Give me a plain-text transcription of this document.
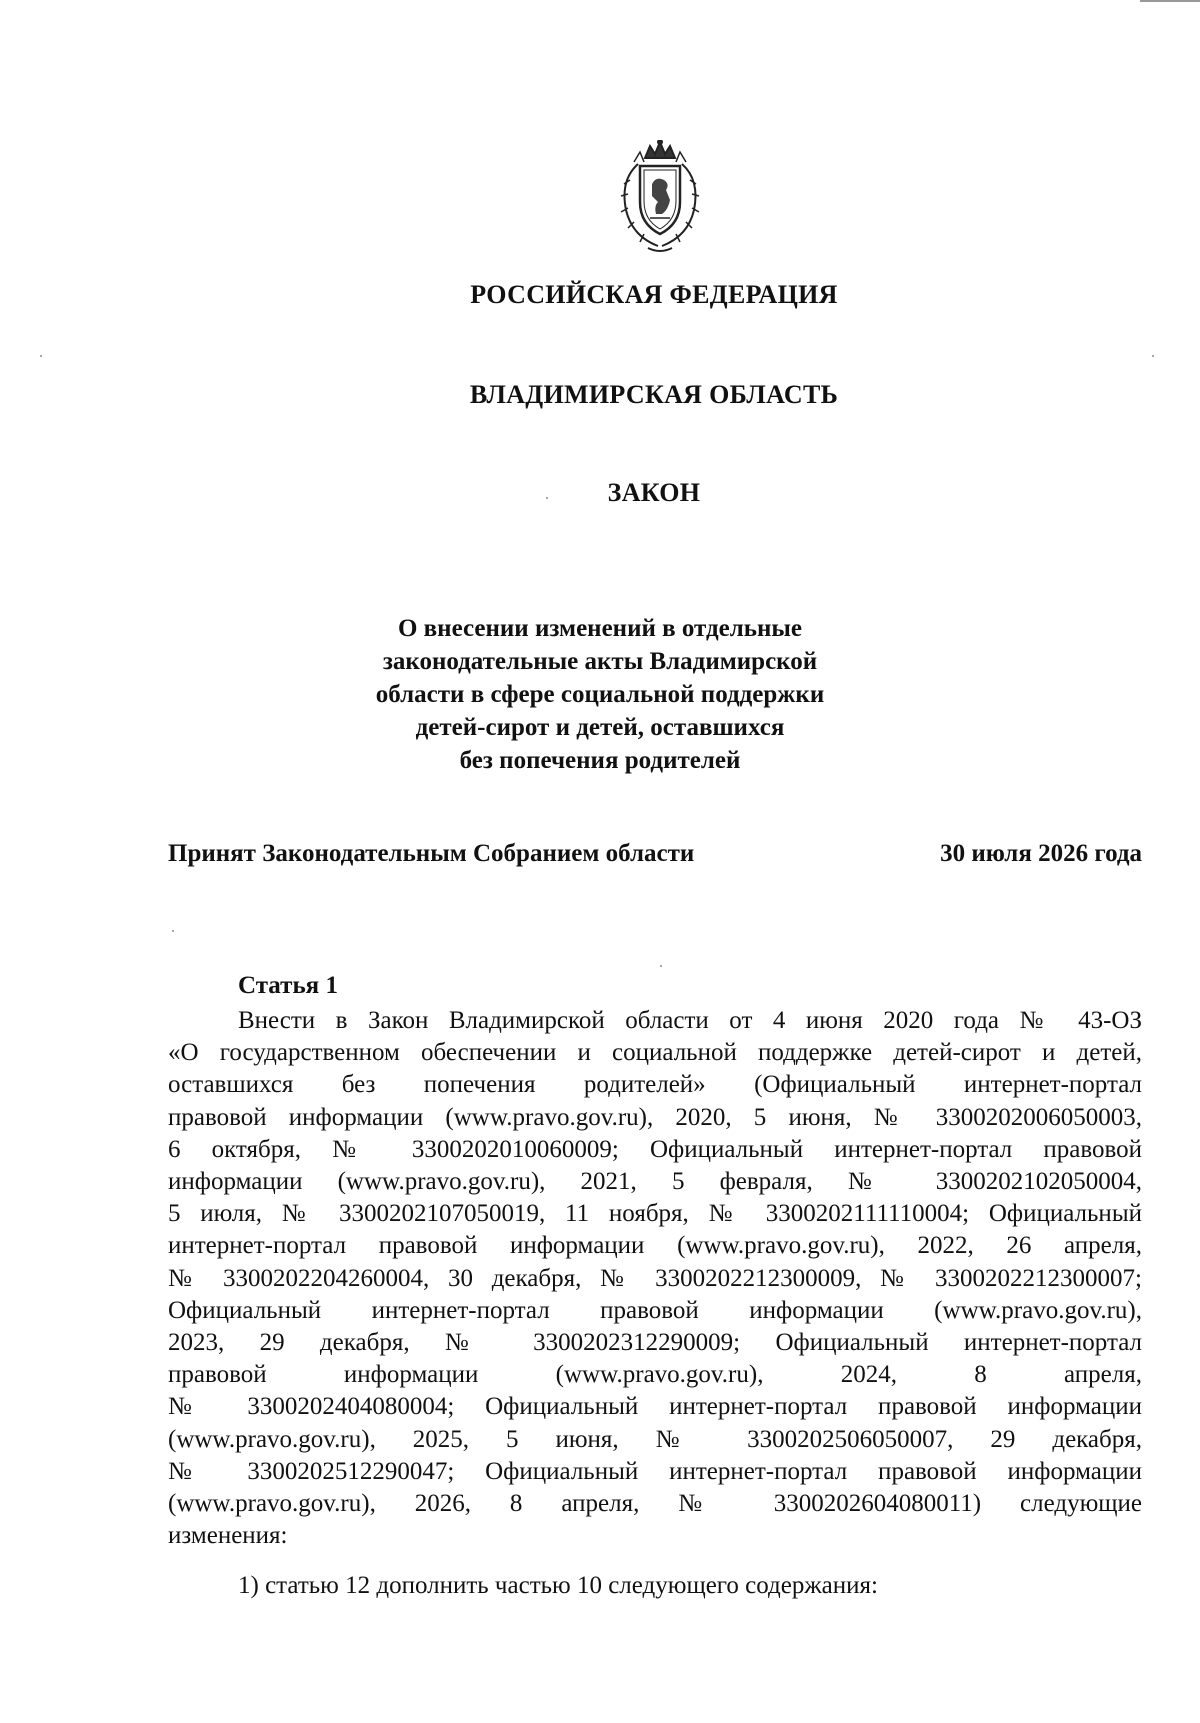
РОССИЙСКАЯ ФЕДЕРАЦИЯ
ВЛАДИМИРСКАЯ ОБЛАСТЬ
ЗАКОН
О внесении изменений в отдельные
законодательные акты Владимирской
области в сфере социальной поддержки
детей-сирот и детей, оставшихся
без попечения родителей
Принят Законодательным Собранием области	30 июля 2026 года
Статья 1
Внести в Закон Владимирской области от 4 июня 2020 года № 43-ОЗ
«О государственном обеспечении и социальной поддержке детей-сирот и детей,
оставшихся без попечения родителей» (Официальный интернет-портал
правовой информации (www.pravo.gov.ru), 2020, 5 июня, № 3300202006050003,
6 октября, № 3300202010060009; Официальный интернет-портал правовой
информации (www.pravo.gov.ru), 2021, 5 февраля, № 3300202102050004,
5 июля, № 3300202107050019, 11 ноября, № 3300202111110004; Официальный
интернет-портал правовой информации (www.pravo.gov.ru), 2022, 26 апреля,
№ 3300202204260004, 30 декабря, № 3300202212300009, № 3300202212300007;
Официальный интернет-портал правовой информации (www.pravo.gov.ru),
2023, 29 декабря, № 3300202312290009; Официальный интернет-портал
правовой информации (www.pravo.gov.ru), 2024, 8 апреля,
№ 3300202404080004; Официальный интернет-портал правовой информации
(www.pravo.gov.ru), 2025, 5 июня, № 3300202506050007, 29 декабря,
№ 3300202512290047; Официальный интернет-портал правовой информации
(www.pravo.gov.ru), 2026, 8 апреля, № 3300202604080011) следующие
изменения:
1) статью 12 дополнить частью 10 следующего содержания:
